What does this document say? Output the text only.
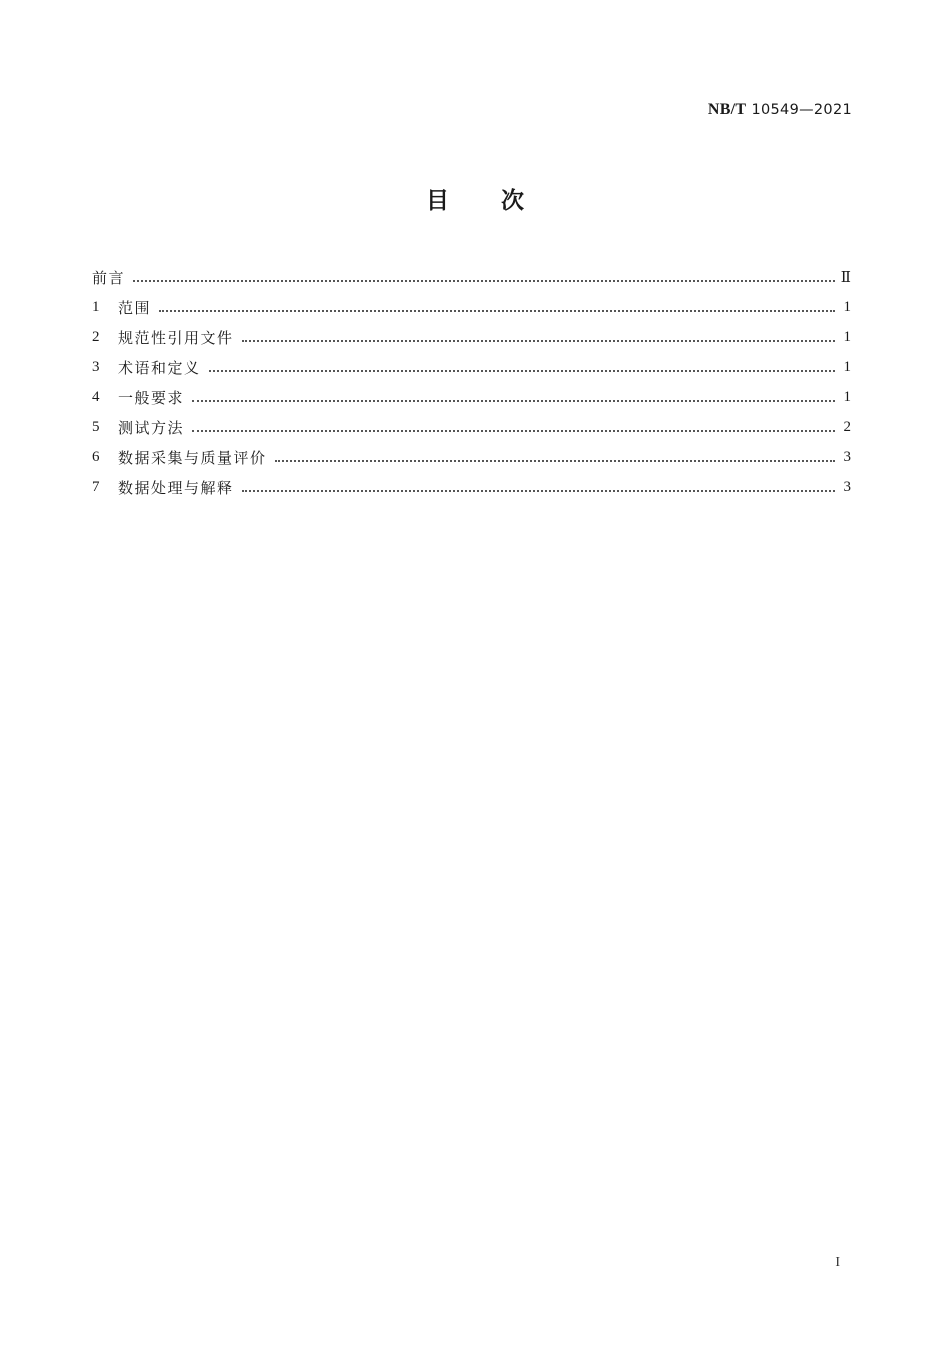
NB/T 10549—2021
目次
前言	Ⅱ
1	范围	1
2	规范性引用文件	1
3	术语和定义	1
4	一般要求	1
5	测试方法	2
6	数据采集与质量评价	3
7	数据处理与解释	3
I
